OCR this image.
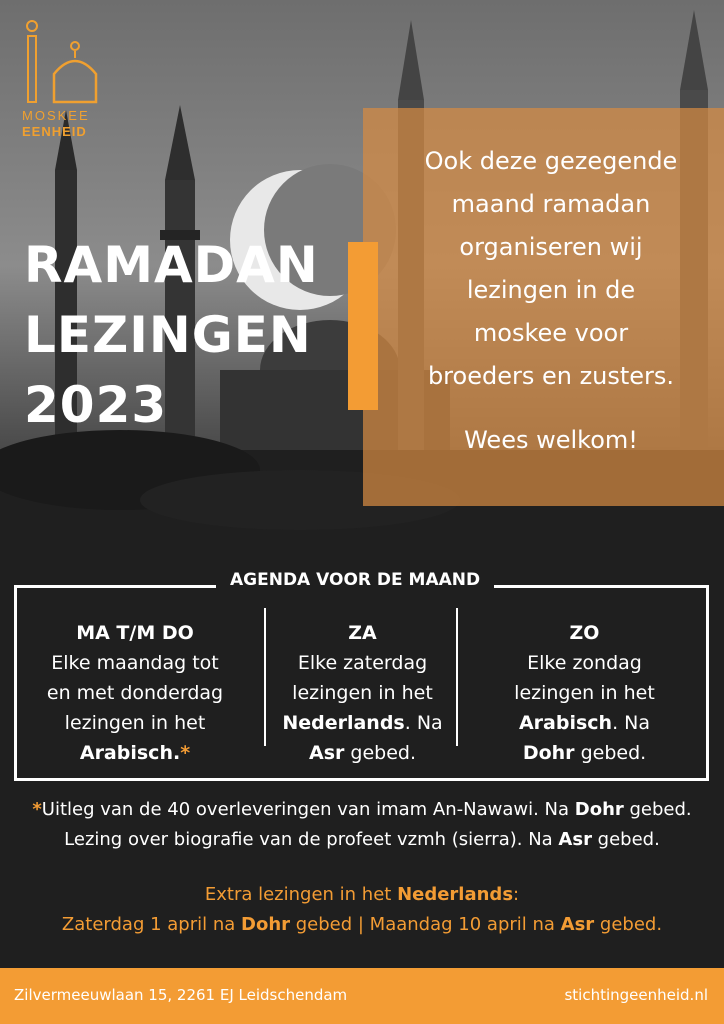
MOSKEE
EENHEID
RAMADAN
LEZINGEN
2023
Ook deze gezegende
maand ramadan
organiseren wij
lezingen in de
moskee voor
broeders en zusters.
Wees welkom!
AGENDA VOOR DE MAAND
MA T/M DO
Elke maandag tot
en met donderdag
lezingen in het
Arabisch.*
ZA
Elke zaterdag
lezingen in het
Nederlands. Na
Asr gebed.
ZO
Elke zondag
lezingen in het
Arabisch. Na
Dohr gebed.
*Uitleg van de 40 overleveringen van imam An-Nawawi. Na Dohr gebed.
Lezing over biografie van de profeet vzmh (sierra). Na Asr gebed.
Extra lezingen in het Nederlands:
Zaterdag 1 april na Dohr gebed | Maandag 10 april na Asr gebed.
Zilvermeeuwlaan 15, 2261 EJ Leidschendam	stichtingeenheid.nl
